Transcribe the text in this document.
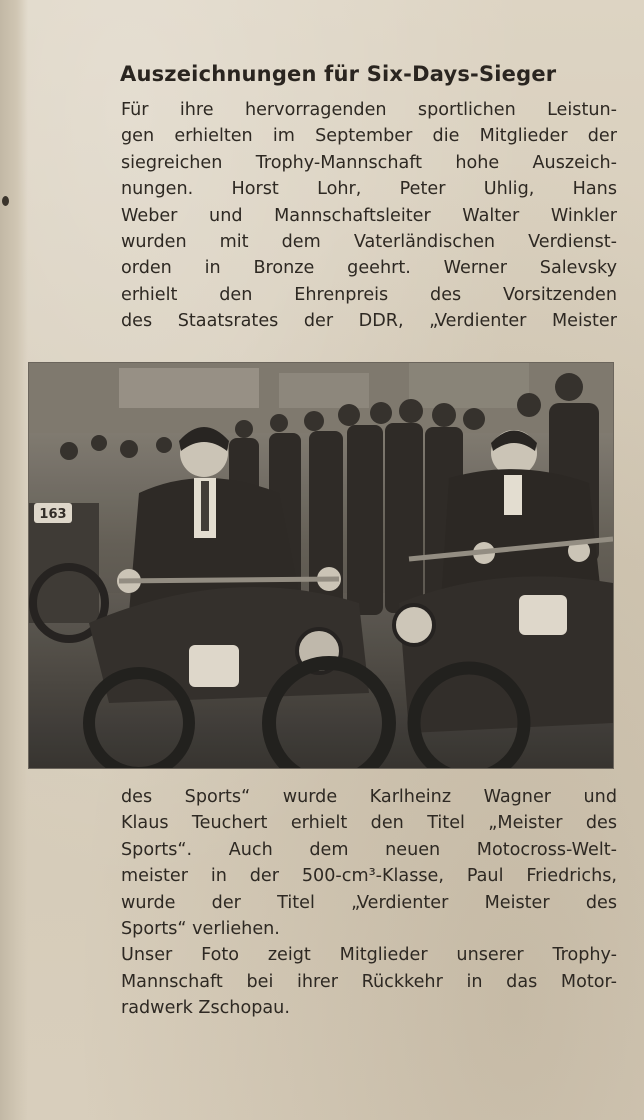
Auszeichnungen für Six-Days-Sieger
Für ihre hervorragenden sportlichen Leistun-
gen erhielten im September die Mitglieder der
siegreichen Trophy-Mannschaft hohe Auszeich-
nungen. Horst Lohr, Peter Uhlig, Hans
Weber und Mannschaftsleiter Walter Winkler
wurden mit dem Vaterländischen Verdienst-
orden in Bronze geehrt. Werner Salevsky
erhielt den Ehrenpreis des Vorsitzenden
des Staatsrates der DDR, „Verdienter Meister
163
des Sports“ wurde Karlheinz Wagner und
Klaus Teuchert erhielt den Titel „Meister des
Sports“. Auch dem neuen Motocross-Welt-
meister in der 500-cm³-Klasse, Paul Friedrichs,
wurde der Titel „Verdienter Meister des
Sports“ verliehen.
Unser Foto zeigt Mitglieder unserer Trophy-
Mannschaft bei ihrer Rückkehr in das Motor-
radwerk Zschopau.
